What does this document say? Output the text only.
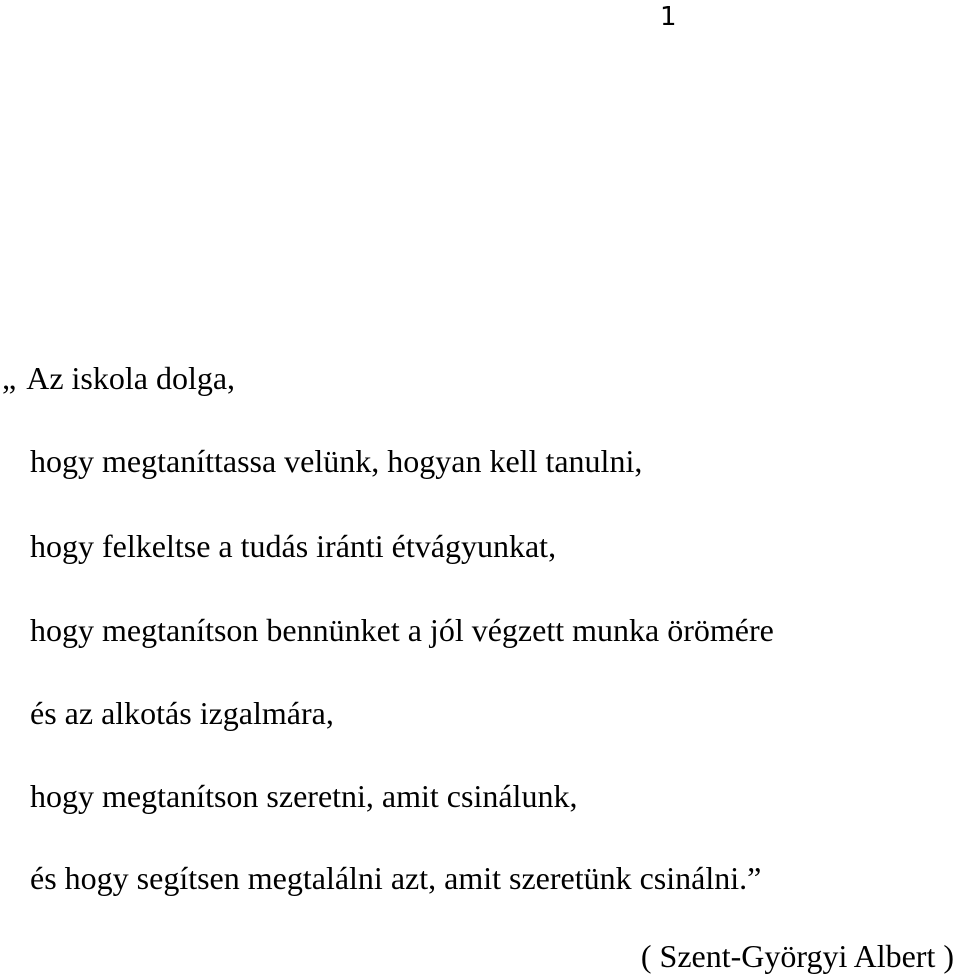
1
„ Az iskola dolga,
hogy megtaníttassa velünk, hogyan kell tanulni,
hogy felkeltse a tudás iránti étvágyunkat,
hogy megtanítson bennünket a jól végzett munka örömére
és az alkotás izgalmára,
hogy megtanítson szeretni, amit csinálunk,
és hogy segítsen megtalálni azt, amit szeretünk csinálni.”
( Szent-Györgyi Albert )
